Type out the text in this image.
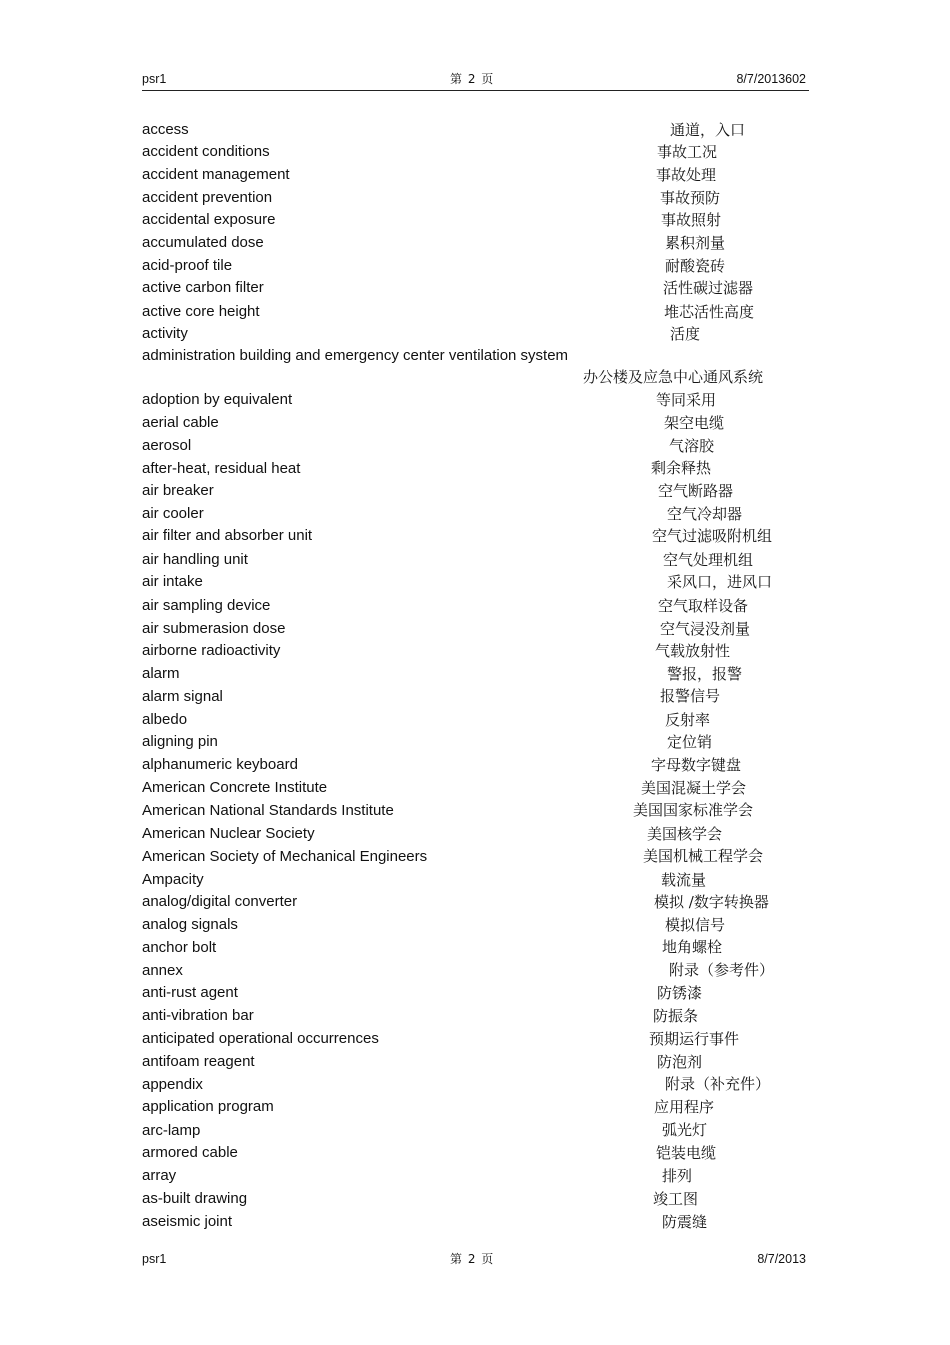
psr1	第 2 页	8/7/2013602
access	通道，入口
accident conditions	事故工况
accident management	事故处理
accident prevention	事故预防
accidental exposure	事故照射
accumulated dose	累积剂量
acid-proof tile	耐酸瓷砖
active carbon filter	活性碳过滤器
active core height	堆芯活性高度
activity	活度
administration building and emergency center ventilation system
办公楼及应急中心通风系统
adoption by equivalent	等同采用
aerial cable	架空电缆
aerosol	气溶胶
after-heat, residual heat	剩余释热
air breaker	空气断路器
air cooler	空气冷却器
air filter and absorber unit	空气过滤吸附机组
air handling unit	空气处理机组
air intake	采风口，进风口
air sampling device	空气取样设备
air submerasion dose	空气浸没剂量
airborne radioactivity	气载放射性
alarm	警报，报警
alarm signal	报警信号
albedo	反射率
aligning pin	定位销
alphanumeric keyboard	字母数字键盘
American Concrete Institute	美国混凝土学会
American National Standards Institute	美国国家标准学会
American Nuclear Society	美国核学会
American Society of Mechanical Engineers	美国机械工程学会
Ampacity	载流量
analog/digital converter	模拟 /数字转换器
analog signals	模拟信号
anchor bolt	地角螺栓
annex	附录（参考件）
anti-rust agent	防锈漆
anti-vibration bar	防振条
anticipated operational occurrences	预期运行事件
antifoam reagent	防泡剂
appendix	附录（补充件）
application program	应用程序
arc-lamp	弧光灯
armored cable	铠装电缆
array	排列
as-built drawing	竣工图
aseismic joint	防震缝
psr1	第 2 页	8/7/2013
